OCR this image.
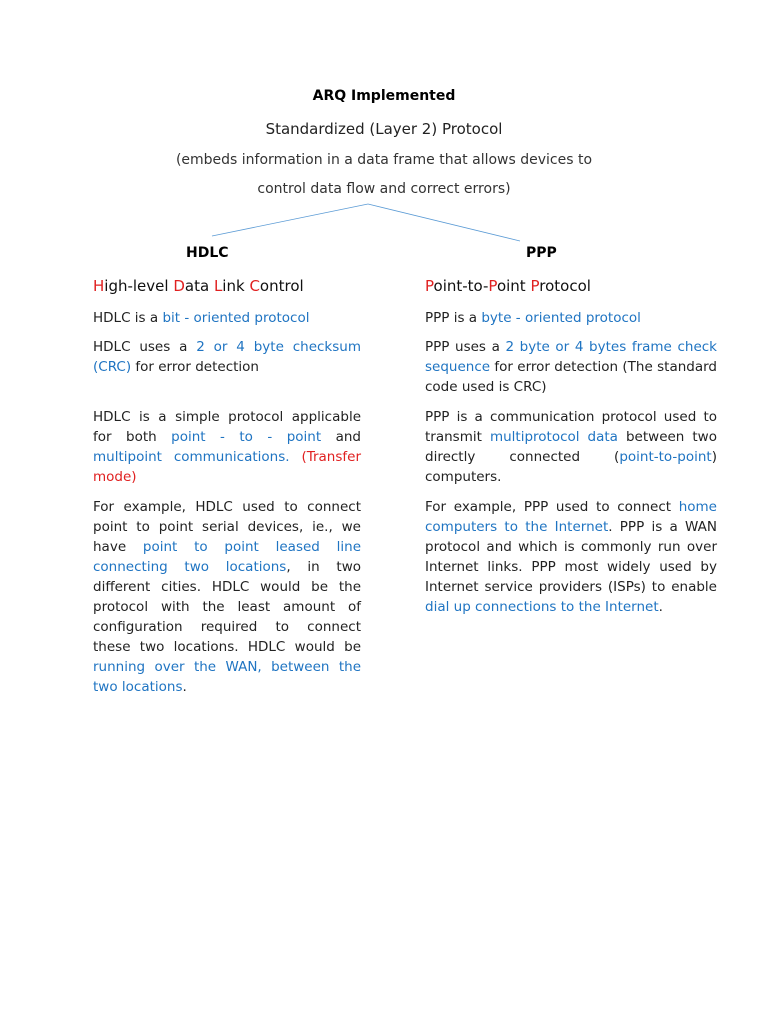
ARQ Implemented
Standardized (Layer 2) Protocol
(embeds information in a data frame that allows devices to
control data flow and correct errors)
HDLC	PPP
High-level Data Link Control
HDLC is a bit - oriented protocol
HDLC uses a 2 or 4 byte checksum (CRC) for error detection
HDLC is a simple protocol applicable for both point - to - point and multipoint communications. (Transfer mode)
For example, HDLC used to connect point to point serial devices, ie., we have point to point leased line connecting two locations, in two different cities. HDLC would be the protocol with the least amount of configuration required to connect these two locations. HDLC would be running over the WAN, between the two locations.
Point-to-Point Protocol
PPP is a byte - oriented protocol
PPP uses a 2 byte or 4 bytes frame check sequence for error detection (The standard code used is CRC)
PPP is a communication protocol used to transmit multiprotocol data between two directly connected (point-to-point) computers.
For example, PPP used to connect home computers to the Internet. PPP is a WAN protocol and which is commonly run over Internet links. PPP most widely used by Internet service providers (ISPs) to enable dial up connections to the Internet.
